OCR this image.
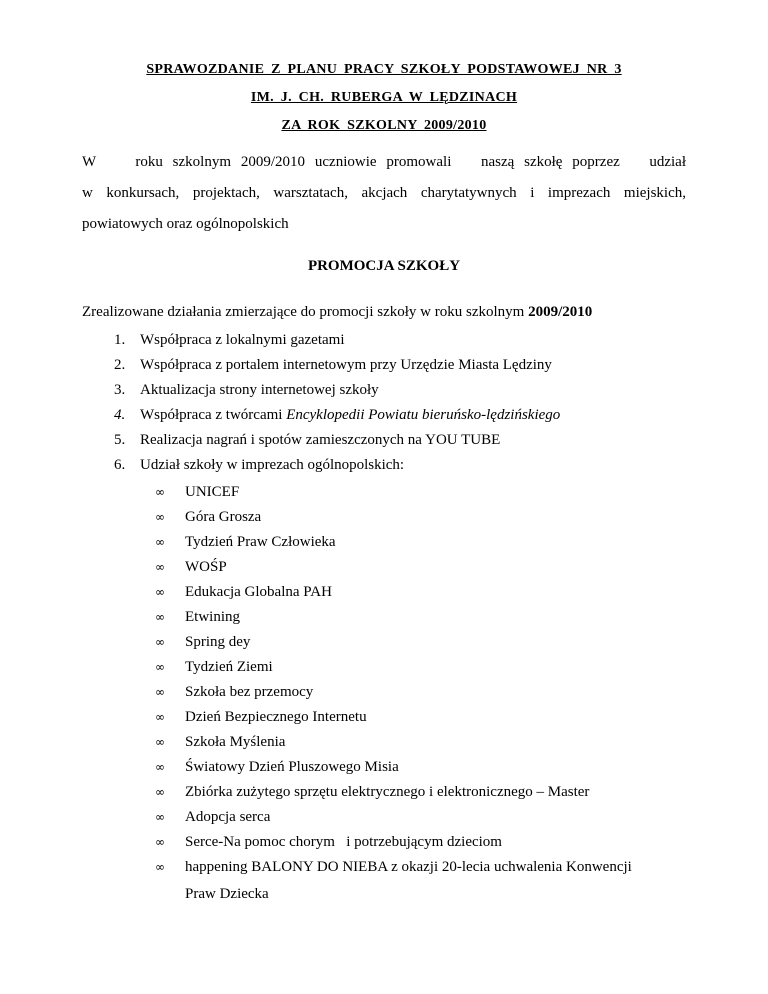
SPRAWOZDANIE Z PLANU PRACY SZKOŁY PODSTAWOWEJ NR 3
IM. J. CH. RUBERGA W LĘDZINACH
ZA ROK SZKOLNY 2009/2010
W    roku szkolnym 2009/2010 uczniowie promowali   naszą szkołę poprzez   udział
w konkursach, projektach, warsztatach, akcjach charytatywnych i imprezach miejskich,
powiatowych oraz ogólnopolskich
PROMOCJA SZKOŁY
Zrealizowane działania zmierzające do promocji szkoły w roku szkolnym 2009/2010
1. Współpraca z lokalnymi gazetami
2. Współpraca z portalem internetowym przy Urzędzie Miasta Lędziny
3. Aktualizacja strony internetowej szkoły
4. Współpraca z twórcami Encyklopedii Powiatu bieruńsko-lędzińskiego
5. Realizacja nagrań i spotów zamieszczonych na YOU TUBE
6. Udział szkoły w imprezach ogólnopolskich:
∞ UNICEF
∞ Góra Grosza
∞ Tydzień Praw Człowieka
∞ WOŚP
∞ Edukacja Globalna PAH
∞ Etwining
∞ Spring dey
∞ Tydzień Ziemi
∞ Szkoła bez przemocy
∞ Dzień Bezpiecznego Internetu
∞ Szkoła Myślenia
∞ Światowy Dzień Pluszowego Misia
∞ Zbiórka zużytego sprzętu elektrycznego i elektronicznego – Master
∞ Adopcja serca
∞ Serce-Na pomoc chorym   i potrzebującym dzieciom
∞ happening BALONY DO NIEBA z okazji 20-lecia uchwalenia Konwencji
Praw Dziecka
